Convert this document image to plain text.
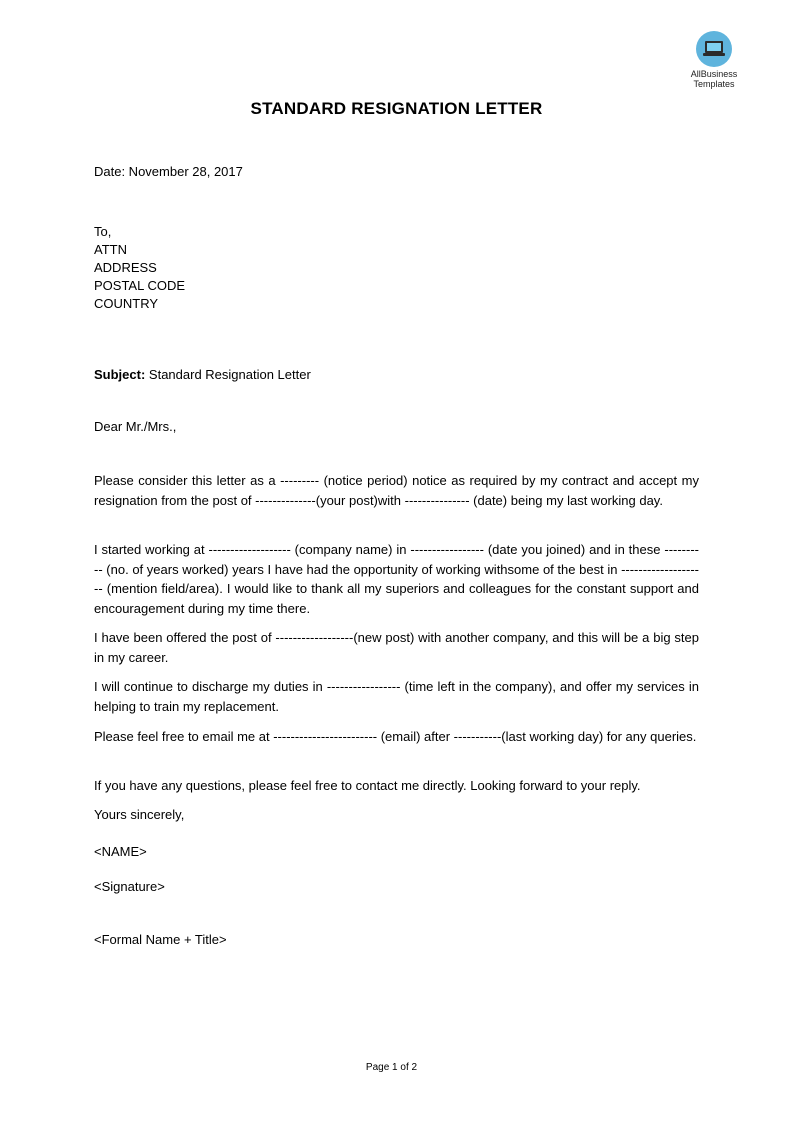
AllBusiness
Templates
STANDARD RESIGNATION LETTER
Date: November 28, 2017
To,
ATTN
ADDRESS
POSTAL CODE
COUNTRY
Subject: Standard Resignation Letter
Dear Mr./Mrs.,
Please consider this letter as a --------- (notice period) notice as required by my contract and accept my resignation from the post of --------------(your post)with --------------- (date) being my last working day.
I started working at ------------------- (company name) in ----------------- (date you joined) and in these ---------- (no. of years worked) years I have had the opportunity of working withsome of the best in -------------------- (mention field/area). I would like to thank all my superiors and colleagues for the constant support and encouragement during my time there.
I have been offered the post of ------------------(new post) with another company, and this will be a big step in my career.
I will continue to discharge my duties in ----------------- (time left in the company), and offer my services in helping to train my replacement.
Please feel free to email me at ------------------------ (email) after -----------(last working day) for any queries.
If you have any questions, please feel free to contact me directly. Looking forward to your reply.
Yours sincerely,
<NAME>
<Signature>
<Formal Name + Title>
Page 1 of 2
